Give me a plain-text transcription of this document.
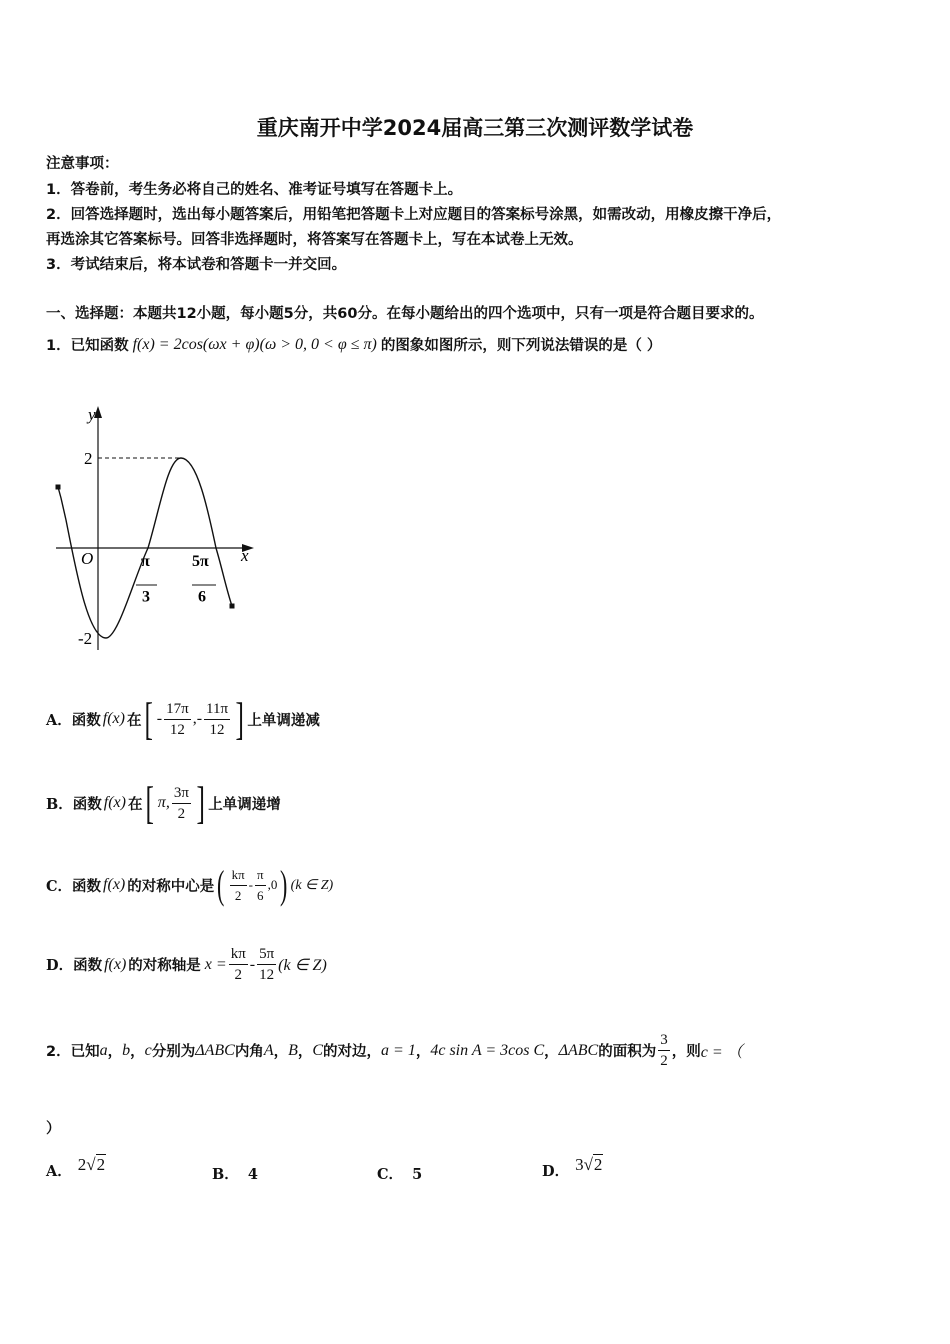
重庆南开中学2024届高三第三次测评数学试卷
注意事项：
1．答卷前，考生务必将自己的姓名、准考证号填写在答题卡上。
2．回答选择题时，选出每小题答案后，用铅笔把答题卡上对应题目的答案标号涂黑，如需改动，用橡皮擦干净后，
再选涂其它答案标号。回答非选择题时，将答案写在答题卡上，写在本试卷上无效。
3．考试结束后，将本试卷和答题卡一并交回。
一、选择题：本题共12小题，每小题5分，共60分。在每小题给出的四个选项中，只有一项是符合题目要求的。
1．已知函数 f(x) = 2cos(ωx + φ)(ω > 0, 0 < φ ≤ π) 的图象如图所示，则下列说法错误的是（ ）
y
x
O
2
-2
π
3
5π
6
A． 函数 f(x) 在 [ - $\frac{17\pi}{12}$ , - $\frac{11\pi}{12}$ ] 上单调递减
B． 函数 f(x) 在 [ π, $\frac{3\pi}{2}$ ] 上单调递增
C． 函数 f(x) 的对称中心是 ( $\frac{k\pi}{2} - \frac{\pi}{6} ,0$ ) (k ∈ Z)
D． 函数 f(x) 的对称轴是 $x = \frac{k\pi}{2} - \frac{5\pi}{12} (k$ ∈ Z)
2．已知 a ， b ， c 分别为 ΔABC 内角 A ， B ， C 的对边， a = 1 ， 4c sin A = 3cos C ， ΔABC 的面积为 $\frac{3}{2}$ ，则 c = （
）
A． 2√2
B． 4	C． 5	D． 3√2
